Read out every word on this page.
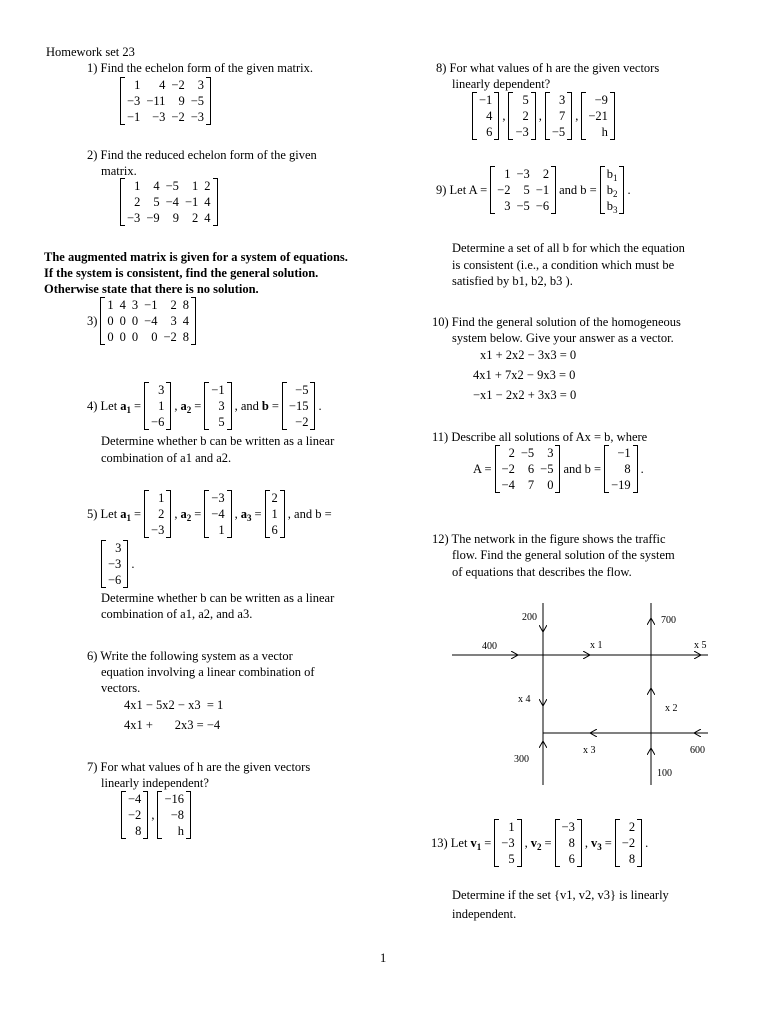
Homework set 23
1) Find the echelon form of the given matrix.
1	4	−2	3
−3	−11	9	−5
−1	−3	−2	−3
2) Find the reduced echelon form of the given
matrix.
1	4	−5	1	2
2	5	−4	−1	4
−3	−9	9	2	4
The augmented matrix is given for a system of equations.
If the system is consistent, find the general solution.
Otherwise state that there is no solution.
3)
1	4	3	−1	2	8
0	0	0	−4	3	4
0	0	0	0	−2	8
4) Let $a_1$ =
3
1
−6
, $a_2$ =
−1
3
5
, and b =
−5
−15
−2
.
Determine whether b can be written as a linear
combination of a1 and a2.
5) Let $a_1$ =
1
2
−3
, $a_2$ =
−3
−4
1
, $a_3$ =
2
1
6
, and b =
3
−3
−6
.
Determine whether b can be written as a linear
combination of a1, a2, and a3.
6) Write the following system as a vector
equation involving a linear combination of
vectors.
4x1 − 5x2 − x3  = 1
4x1 +       2x3 = −4
7) For what values of h are the given vectors
linearly independent?
−4
−2
8
,
−16
−8
h
8) For what values of h are the given vectors
linearly dependent?
−1
4
6
,
5
2
−3
,
3
7
−5
,
−9
−21
h
9) Let A =
1	−3	2
−2	5	−1
3	−5	−6
and b =
$b_1$
$b_2$
$b_3$
.
Determine a set of all b for which the equation
is consistent (i.e., a condition which must be
satisfied by b1, b2, b3 ).
10) Find the general solution of the homogeneous
system below. Give your answer as a vector.
x1 + 2x2 − 3x3 = 0
4x1 + 7x2 − 9x3 = 0
−x1 − 2x2 + 3x3 = 0
11) Describe all solutions of Ax = b, where
A =
2	−5	3
−2	6	−5
−4	7	0
and b =
−1
8
−19
.
12) The network in the figure shows the traffic
flow. Find the general solution of the system
of equations that describes the flow.
200	700
400	x 1	x 5
x 4
x 2
x 3
300
600
100
13) Let $v_1$ =
1
−3
5
, $v_2$ =
−3
8
6
, $v_3$ =
2
−2
8
.
Determine if the set {v1, v2, v3} is linearly
independent.
1
